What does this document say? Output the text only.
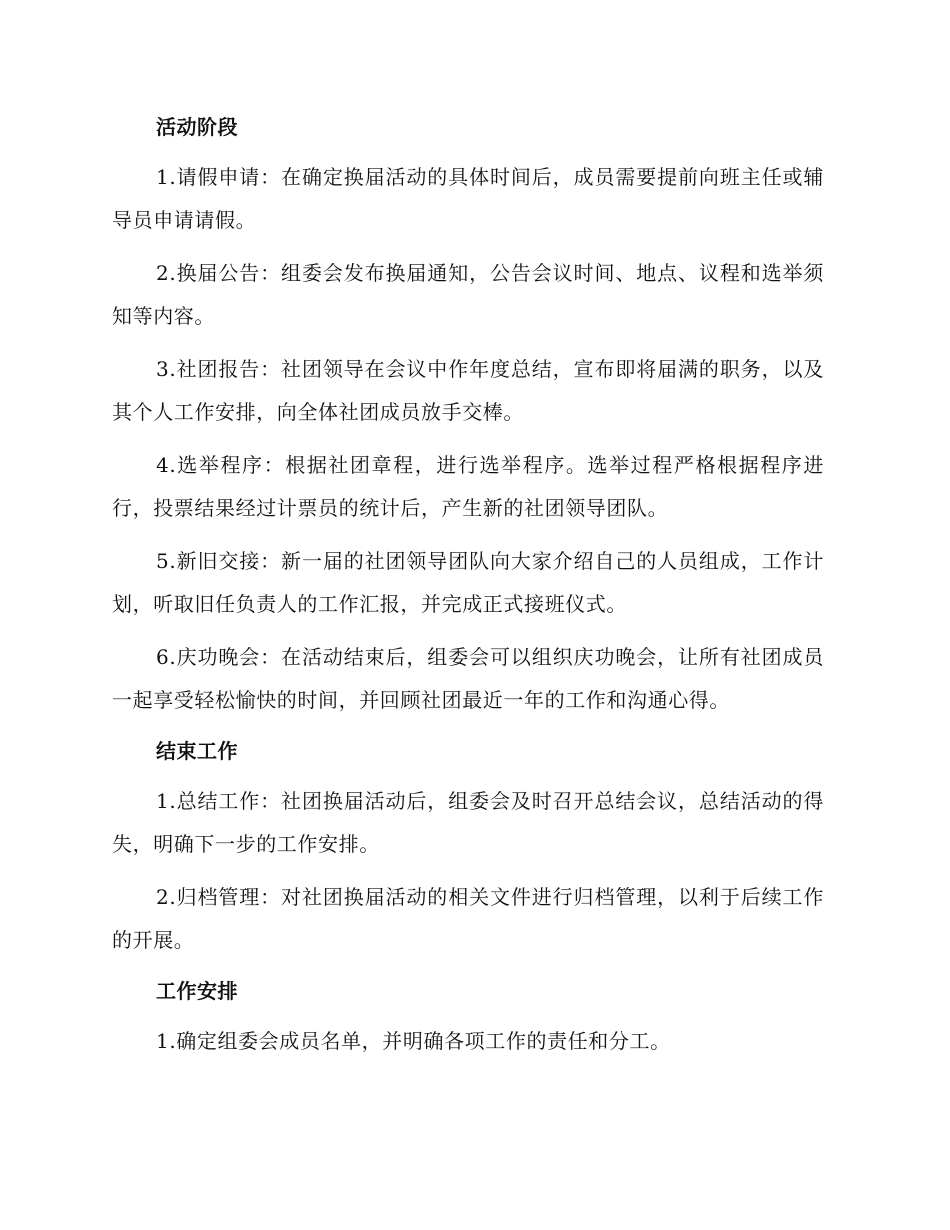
活动阶段

1.请假申请：在确定换届活动的具体时间后，成员需要提前向班主任或辅导员申请请假。

2.换届公告：组委会发布换届通知，公告会议时间、地点、议程和选举须知等内容。

3.社团报告：社团领导在会议中作年度总结，宣布即将届满的职务，以及其个人工作安排，向全体社团成员放手交棒。

4.选举程序：根据社团章程，进行选举程序。选举过程严格根据程序进行，投票结果经过计票员的统计后，产生新的社团领导团队。

5.新旧交接：新一届的社团领导团队向大家介绍自己的人员组成，工作计划，听取旧任负责人的工作汇报，并完成正式接班仪式。

6.庆功晚会：在活动结束后，组委会可以组织庆功晚会，让所有社团成员一起享受轻松愉快的时间，并回顾社团最近一年的工作和沟通心得。

结束工作

1.总结工作：社团换届活动后，组委会及时召开总结会议，总结活动的得失，明确下一步的工作安排。

2.归档管理：对社团换届活动的相关文件进行归档管理，以利于后续工作的开展。

工作安排

1.确定组委会成员名单，并明确各项工作的责任和分工。
